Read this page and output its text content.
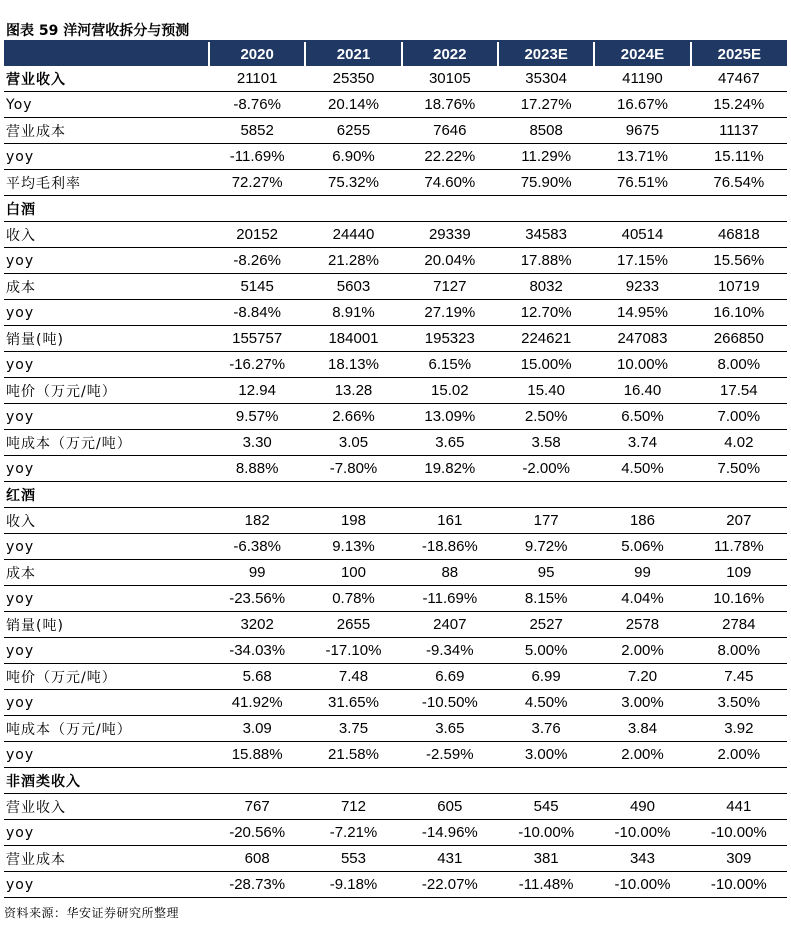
图表 59 洋河营收拆分与预测
	2020	2021	2022	2023E	2024E	2025E
营业收入	21101	25350	30105	35304	41190	47467
Yoy	-8.76%	20.14%	18.76%	17.27%	16.67%	15.24%
营业成本	5852	6255	7646	8508	9675	11137
yoy	-11.69%	6.90%	22.22%	11.29%	13.71%	15.11%
平均毛利率	72.27%	75.32%	74.60%	75.90%	76.51%	76.54%
白酒						
收入	20152	24440	29339	34583	40514	46818
yoy	-8.26%	21.28%	20.04%	17.88%	17.15%	15.56%
成本	5145	5603	7127	8032	9233	10719
yoy	-8.84%	8.91%	27.19%	12.70%	14.95%	16.10%
销量(吨)	155757	184001	195323	224621	247083	266850
yoy	-16.27%	18.13%	6.15%	15.00%	10.00%	8.00%
吨价（万元/吨）	12.94	13.28	15.02	15.40	16.40	17.54
yoy	9.57%	2.66%	13.09%	2.50%	6.50%	7.00%
吨成本（万元/吨）	3.30	3.05	3.65	3.58	3.74	4.02
yoy	8.88%	-7.80%	19.82%	-2.00%	4.50%	7.50%
红酒						
收入	182	198	161	177	186	207
yoy	-6.38%	9.13%	-18.86%	9.72%	5.06%	11.78%
成本	99	100	88	95	99	109
yoy	-23.56%	0.78%	-11.69%	8.15%	4.04%	10.16%
销量(吨)	3202	2655	2407	2527	2578	2784
yoy	-34.03%	-17.10%	-9.34%	5.00%	2.00%	8.00%
吨价（万元/吨）	5.68	7.48	6.69	6.99	7.20	7.45
yoy	41.92%	31.65%	-10.50%	4.50%	3.00%	3.50%
吨成本（万元/吨）	3.09	3.75	3.65	3.76	3.84	3.92
yoy	15.88%	21.58%	-2.59%	3.00%	2.00%	2.00%
非酒类收入						
营业收入	767	712	605	545	490	441
yoy	-20.56%	-7.21%	-14.96%	-10.00%	-10.00%	-10.00%
营业成本	608	553	431	381	343	309
yoy	-28.73%	-9.18%	-22.07%	-11.48%	-10.00%	-10.00%
资料来源：华安证券研究所整理
